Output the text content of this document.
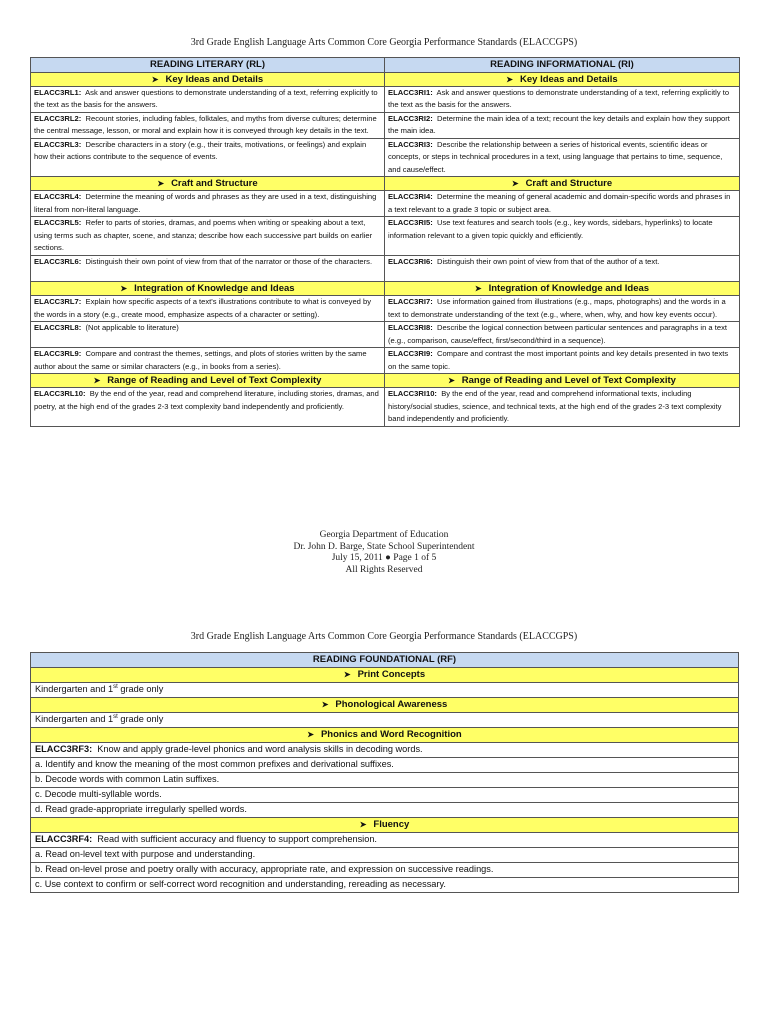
3rd Grade English Language Arts Common Core Georgia Performance Standards (ELACCGPS)
READING LITERARY (RL)	READING INFORMATIONAL (RI)
➤ Key Ideas and Details	➤ Key Ideas and Details
ELACC3RL1: Ask and answer questions to demonstrate understanding of a text, referring explicitly to the text as the basis for the answers.	ELACC3RI1: Ask and answer questions to demonstrate understanding of a text, referring explicitly to the text as the basis for the answers.
ELACC3RL2: Recount stories, including fables, folktales, and myths from diverse cultures; determine the central message, lesson, or moral and explain how it is conveyed through key details in the text.	ELACC3RI2: Determine the main idea of a text; recount the key details and explain how they support the main idea.
ELACC3RL3: Describe characters in a story (e.g., their traits, motivations, or feelings) and explain how their actions contribute to the sequence of events.	ELACC3RI3: Describe the relationship between a series of historical events, scientific ideas or concepts, or steps in technical procedures in a text, using language that pertains to time, sequence, and cause/effect.
➤ Craft and Structure	➤ Craft and Structure
ELACC3RL4: Determine the meaning of words and phrases as they are used in a text, distinguishing literal from non-literal language.	ELACC3RI4: Determine the meaning of general academic and domain-specific words and phrases in a text relevant to a grade 3 topic or subject area.
ELACC3RL5: Refer to parts of stories, dramas, and poems when writing or speaking about a text, using terms such as chapter, scene, and stanza; describe how each successive part builds on earlier sections.	ELACC3RI5: Use text features and search tools (e.g., key words, sidebars, hyperlinks) to locate information relevant to a given topic quickly and efficiently.
ELACC3RL6: Distinguish their own point of view from that of the narrator or those of the characters.	ELACC3RI6: Distinguish their own point of view from that of the author of a text.
➤ Integration of Knowledge and Ideas	➤ Integration of Knowledge and Ideas
ELACC3RL7: Explain how specific aspects of a text's illustrations contribute to what is conveyed by the words in a story (e.g., create mood, emphasize aspects of a character or setting).	ELACC3RI7: Use information gained from illustrations (e.g., maps, photographs) and the words in a text to demonstrate understanding of the text (e.g., where, when, why, and how key events occur).
ELACC3RL8: (Not applicable to literature)	ELACC3RI8: Describe the logical connection between particular sentences and paragraphs in a text (e.g., comparison, cause/effect, first/second/third in a sequence).
ELACC3RL9: Compare and contrast the themes, settings, and plots of stories written by the same author about the same or similar characters (e.g., in books from a series).	ELACC3RI9: Compare and contrast the most important points and key details presented in two texts on the same topic.
➤ Range of Reading and Level of Text Complexity	➤ Range of Reading and Level of Text Complexity
ELACC3RL10: By the end of the year, read and comprehend literature, including stories, dramas, and poetry, at the high end of the grades 2-3 text complexity band independently and proficiently.	ELACC3RI10: By the end of the year, read and comprehend informational texts, including history/social studies, science, and technical texts, at the high end of the grades 2-3 text complexity band independently and proficiently.
Georgia Department of Education
Dr. John D. Barge, State School Superintendent
July 15, 2011 ● Page 1 of 5
All Rights Reserved
3rd Grade English Language Arts Common Core Georgia Performance Standards (ELACCGPS)
READING FOUNDATIONAL (RF)
➤ Print Concepts
Kindergarten and 1st grade only
➤ Phonological Awareness
Kindergarten and 1st grade only
➤ Phonics and Word Recognition
ELACC3RF3: Know and apply grade-level phonics and word analysis skills in decoding words.
a. Identify and know the meaning of the most common prefixes and derivational suffixes.
b. Decode words with common Latin suffixes.
c. Decode multi-syllable words.
d. Read grade-appropriate irregularly spelled words.
➤ Fluency
ELACC3RF4: Read with sufficient accuracy and fluency to support comprehension.
a. Read on-level text with purpose and understanding.
b. Read on-level prose and poetry orally with accuracy, appropriate rate, and expression on successive readings.
c. Use context to confirm or self-correct word recognition and understanding, rereading as necessary.
